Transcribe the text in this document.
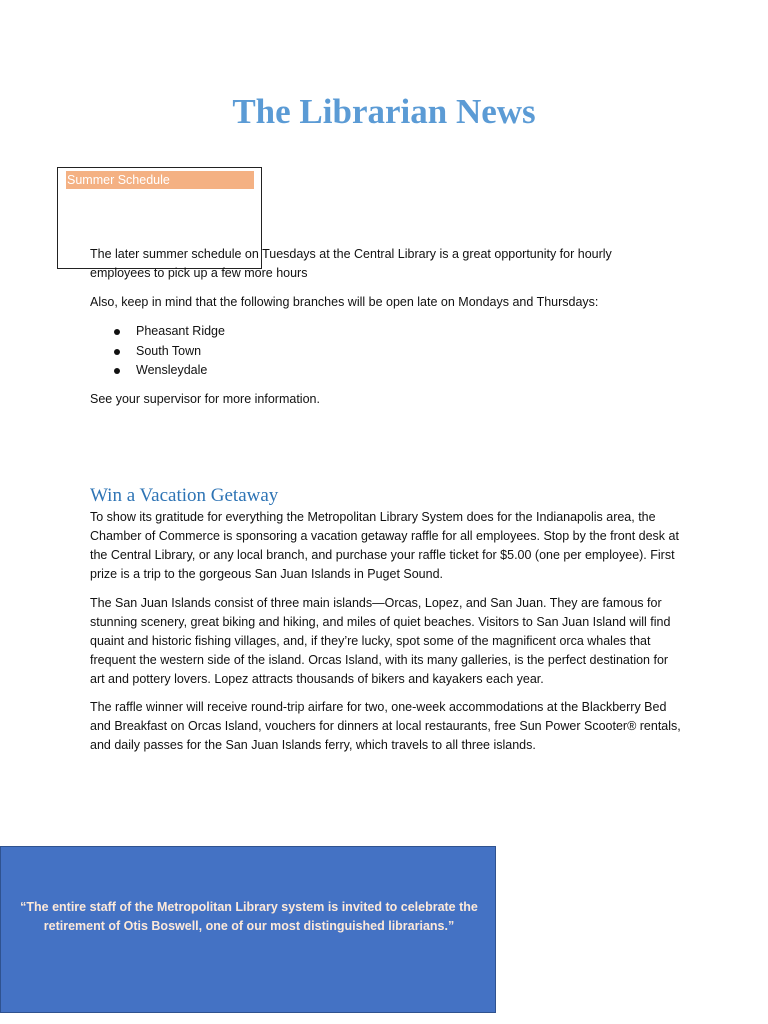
The Librarian News
Summer Schedule

The later summer schedule on Tuesdays at the Central Library is a great opportunity for hourly employees to pick up a few more hours

Also, keep in mind that the following branches will be open late on Mondays and Thursdays:

Pheasant Ridge
South Town
Wensleydale

See your supervisor for more information.

Win a Vacation Getaway

To show its gratitude for everything the Metropolitan Library System does for the Indianapolis area, the Chamber of Commerce is sponsoring a vacation getaway raffle for all employees. Stop by the front desk at the Central Library, or any local branch, and purchase your raffle ticket for $5.00 (one per employee). First prize is a trip to the gorgeous San Juan Islands in Puget Sound.

The San Juan Islands consist of three main islands—Orcas, Lopez, and San Juan. They are famous for stunning scenery, great biking and hiking, and miles of quiet beaches. Visitors to San Juan Island will find quaint and historic fishing villages, and, if they’re lucky, spot some of the magnificent orca whales that frequent the western side of the island. Orcas Island, with its many galleries, is the perfect destination for art and pottery lovers. Lopez attracts thousands of bikers and kayakers each year.

The raffle winner will receive round-trip airfare for two, one-week accommodations at the Blackberry Bed and Breakfast on Orcas Island, vouchers for dinners at local restaurants, free Sun Power Scooter® rentals, and daily passes for the San Juan Islands ferry, which travels to all three islands.

“The entire staff of the Metropolitan Library system is invited to celebrate the retirement of Otis Boswell, one of our most distinguished librarians.”
